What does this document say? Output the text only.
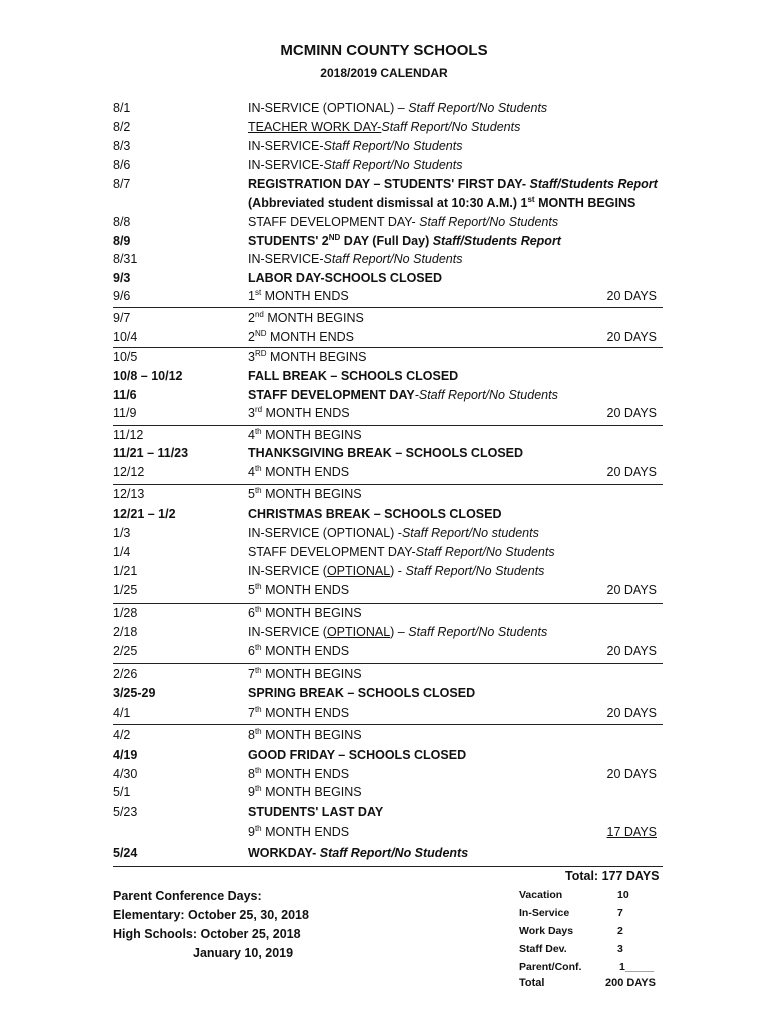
MCMINN COUNTY SCHOOLS
2018/2019 CALENDAR
8/1	IN-SERVICE (OPTIONAL) – Staff Report/No Students
8/2	TEACHER WORK DAY-Staff Report/No Students
8/3	IN-SERVICE-Staff Report/No Students
8/6	IN-SERVICE-Staff Report/No Students
8/7	REGISTRATION DAY – STUDENTS' FIRST DAY- Staff/Students Report
(Abbreviated student dismissal at 10:30 A.M.) 1st MONTH BEGINS
8/8	STAFF DEVELOPMENT DAY- Staff Report/No Students
8/9	STUDENTS' 2ND DAY (Full Day) Staff/Students Report
8/31	IN-SERVICE-Staff Report/No Students
9/3	LABOR DAY-SCHOOLS CLOSED
9/6	1st MONTH ENDS	20 DAYS
9/7	2nd MONTH BEGINS
10/4	2ND MONTH ENDS	20 DAYS
10/5	3RD MONTH BEGINS
10/8 – 10/12	FALL BREAK – SCHOOLS CLOSED
11/6	STAFF DEVELOPMENT DAY-Staff Report/No Students
11/9	3rd MONTH ENDS	20 DAYS
11/12	4th MONTH BEGINS
11/21 – 11/23	THANKSGIVING BREAK – SCHOOLS CLOSED
12/12	4th MONTH ENDS	20 DAYS
12/13	5th MONTH BEGINS
12/21 – 1/2	CHRISTMAS BREAK – SCHOOLS CLOSED
1/3	IN-SERVICE (OPTIONAL) -Staff Report/No students
1/4	STAFF DEVELOPMENT DAY-Staff Report/No Students
1/21	IN-SERVICE (OPTIONAL) - Staff Report/No Students
1/25	5th MONTH ENDS	20 DAYS
1/28	6th MONTH BEGINS
2/18	IN-SERVICE (OPTIONAL) – Staff Report/No Students
2/25	6th MONTH ENDS	20 DAYS
2/26	7th MONTH BEGINS
3/25-29	SPRING BREAK – SCHOOLS CLOSED
4/1	7th MONTH ENDS	20 DAYS
4/2	8th MONTH BEGINS
4/19	GOOD FRIDAY – SCHOOLS CLOSED
4/30	8th MONTH ENDS	20 DAYS
5/1	9th MONTH BEGINS
5/23	STUDENTS' LAST DAY
9th MONTH ENDS	17 DAYS
5/24	WORKDAY- Staff Report/No Students
Total: 177 DAYS
Parent Conference Days:
Elementary: October 25, 30, 2018
High Schools: October 25, 2018
January 10, 2019
Vacation	10
In-Service	7
Work Days	2
Staff Dev.	3
Parent/Conf.	1_____
Total	200 DAYS
